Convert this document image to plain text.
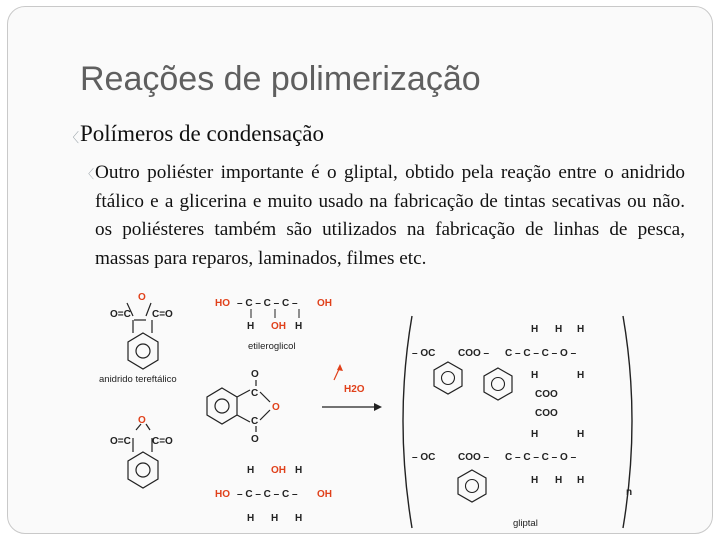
Reações de polimerização
〈 Polímeros de condensação
〈 Outro poliéster importante é o gliptal, obtido pela reação entre o anidrido ftálico e a glicerina e muito usado na fabricação de tintas secativas ou não. os poliésteres também são utilizados na fabricação de linhas de pesca, massas para reparos, laminados, filmes etc.
O
O=C C=O
anidrido tereftálico
HO – C – C – C – OH
H OH H
etileroglicol
O
C
C
O
O
H2O
O
O=C C=O
H OH H
HO – C – C – C – OH
H H H
H H H
– OC COO – C – C – C – O –
H	H
COO
COO
H	H
– OC COO – C – C – C – O –
H H H
n
gliptal
